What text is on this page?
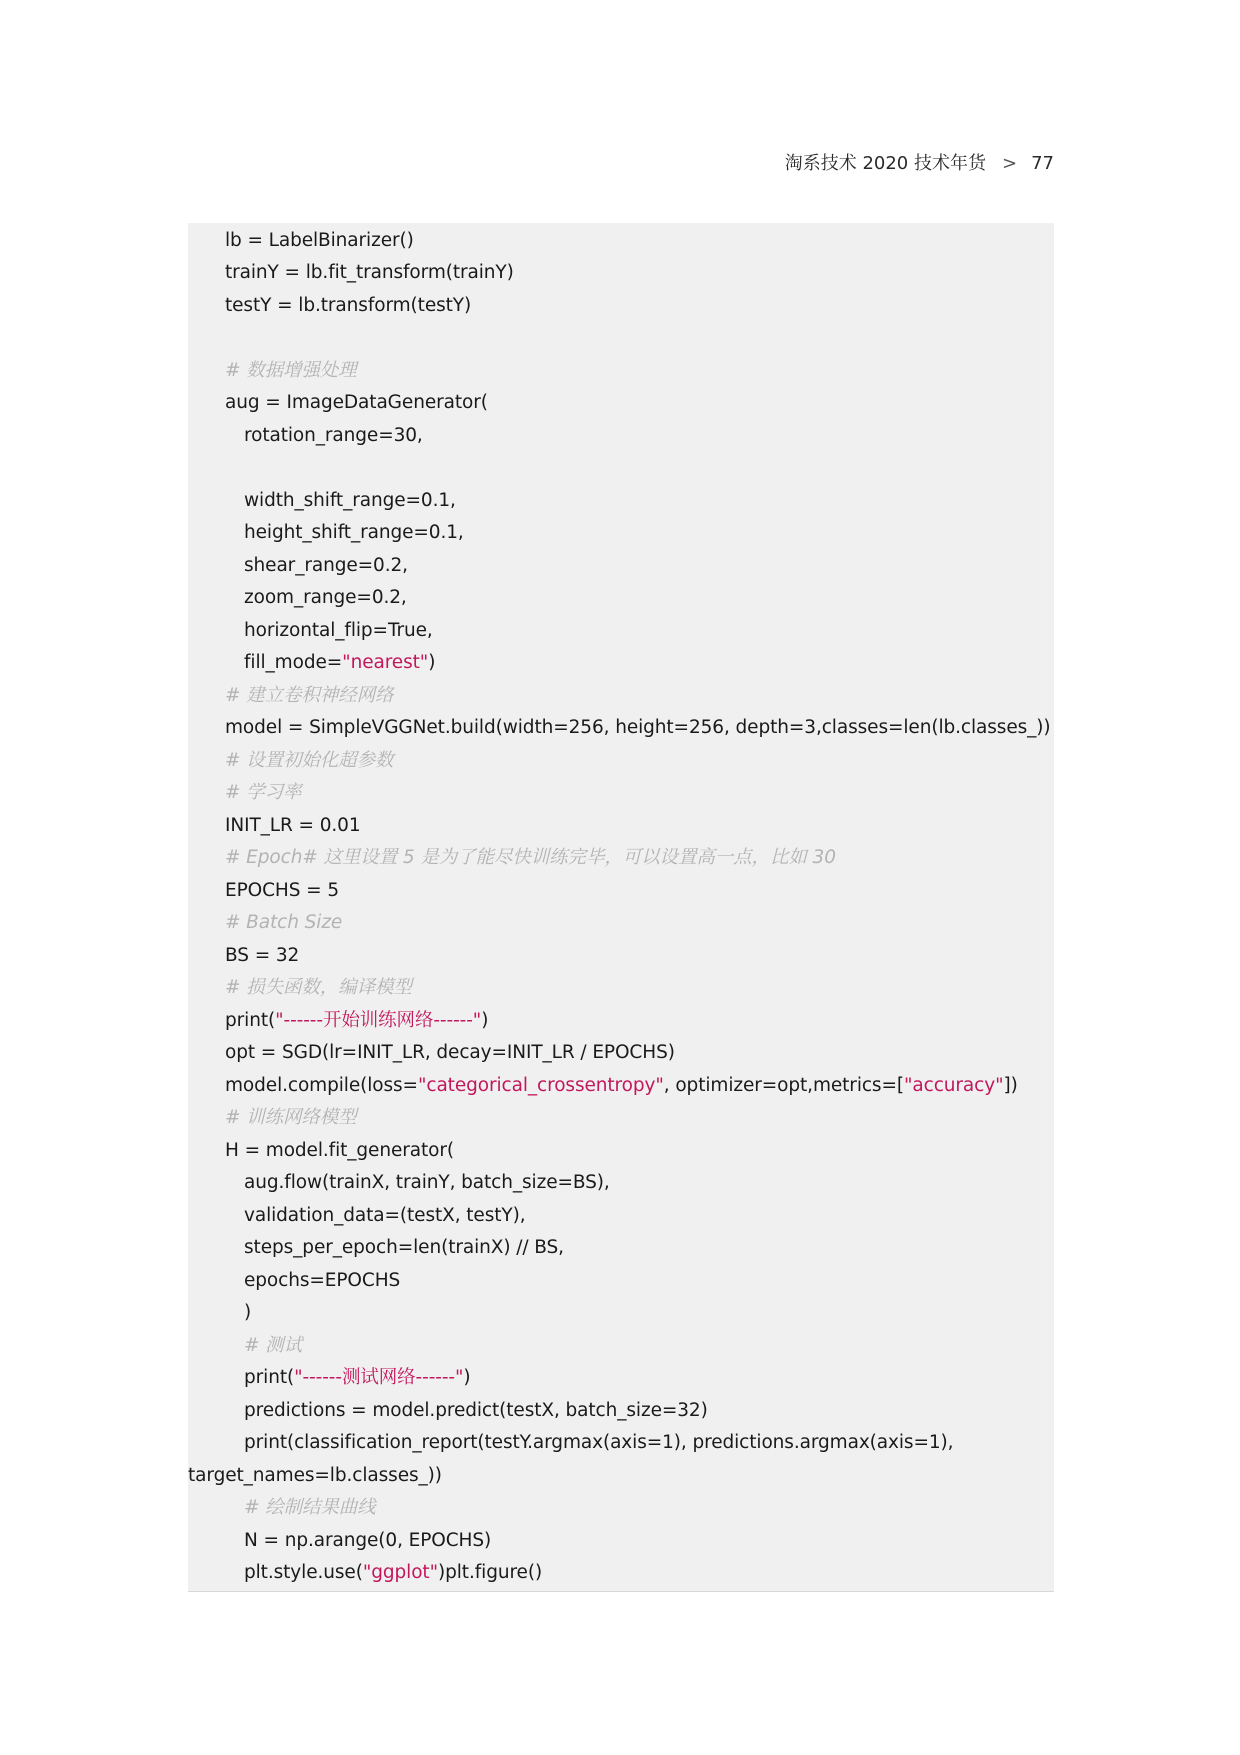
淘系技术 2020 技术年货 > 77
lb = LabelBinarizer()
trainY = lb.fit_transform(trainY)
testY = lb.transform(testY)
# 数据增强处理
aug = ImageDataGenerator(
rotation_range=30,
width_shift_range=0.1,
height_shift_range=0.1,
shear_range=0.2,
zoom_range=0.2,
horizontal_flip=True,
fill_mode="nearest")
# 建立卷积神经网络
model = SimpleVGGNet.build(width=256, height=256, depth=3,classes=len(lb.classes_))
# 设置初始化超参数
# 学习率
INIT_LR = 0.01
# Epoch# 这里设置 5 是为了能尽快训练完毕，可以设置高一点，比如 30
EPOCHS = 5
# Batch Size
BS = 32
# 损失函数，编译模型
print("------开始训练网络------")
opt = SGD(lr=INIT_LR, decay=INIT_LR / EPOCHS)
model.compile(loss="categorical_crossentropy", optimizer=opt,metrics=["accuracy"])
# 训练网络模型
H = model.fit_generator(
aug.flow(trainX, trainY, batch_size=BS),
validation_data=(testX, testY),
steps_per_epoch=len(trainX) // BS,
epochs=EPOCHS
)
# 测试
print("------测试网络------")
predictions = model.predict(testX, batch_size=32)
print(classification_report(testY.argmax(axis=1), predictions.argmax(axis=1),
target_names=lb.classes_))
# 绘制结果曲线
N = np.arange(0, EPOCHS)
plt.style.use("ggplot")plt.figure()
